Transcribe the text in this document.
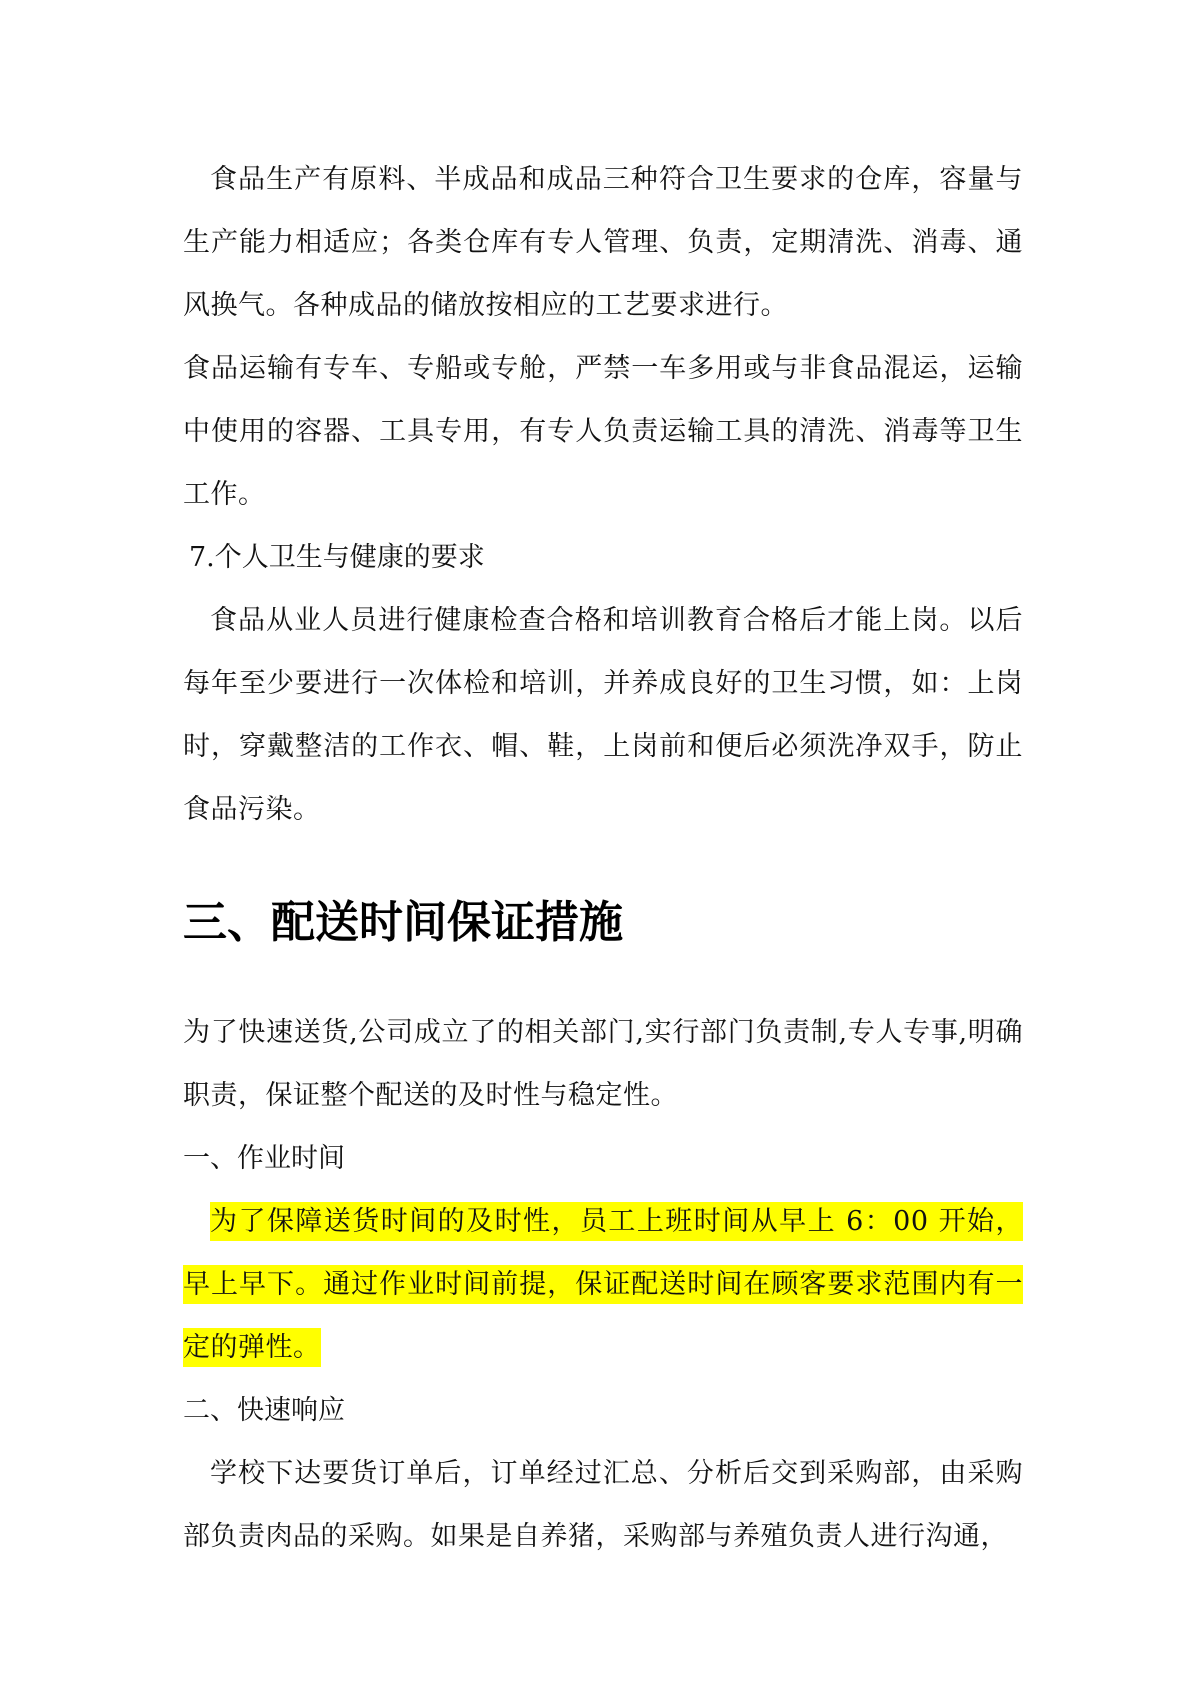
食品生产有原料、半成品和成品三种符合卫生要求的仓库，容量与生产能力相适应；各类仓库有专人管理、负责，定期清洗、消毒、通风换气。各种成品的储放按相应的工艺要求进行。

食品运输有专车、专船或专舱，严禁一车多用或与非食品混运，运输中使用的容器、工具专用，有专人负责运输工具的清洗、消毒等卫生工作。

7.个人卫生与健康的要求

食品从业人员进行健康检查合格和培训教育合格后才能上岗。以后每年至少要进行一次体检和培训，并养成良好的卫生习惯，如：上岗时，穿戴整洁的工作衣、帽、鞋，上岗前和便后必须洗净双手，防止食品污染。

三、配送时间保证措施

为了快速送货,公司成立了的相关部门,实行部门负责制,专人专事,明确职责，保证整个配送的及时性与稳定性。

一、作业时间

为了保障送货时间的及时性，员工上班时间从早上 6：00 开始，早上早下。通过作业时间前提，保证配送时间在顾客要求范围内有一定的弹性。

二、快速响应

学校下达要货订单后，订单经过汇总、分析后交到采购部，由采购部负责肉品的采购。如果是自养猪，采购部与养殖负责人进行沟通，
